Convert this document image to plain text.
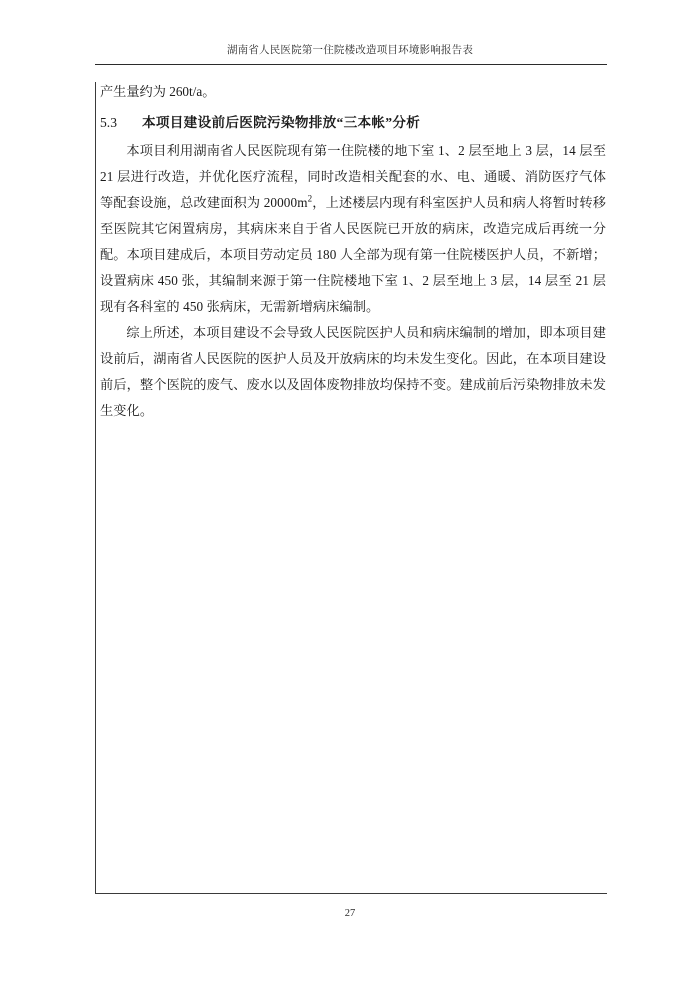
湖南省人民医院第一住院楼改造项目环境影响报告表

产生量约为 260t/a。

5.3	本项目建设前后医院污染物排放“三本帐”分析

本项目利用湖南省人民医院现有第一住院楼的地下室 1、2 层至地上 3 层，14 层至 21 层进行改造，并优化医疗流程，同时改造相关配套的水、电、通暖、消防医疗气体等配套设施，总改建面积为 $20000m^2$，上述楼层内现有科室医护人员和病人将暂时转移至医院其它闲置病房，其病床来自于省人民医院已开放的病床，改造完成后再统一分配。本项目建成后，本项目劳动定员 180 人全部为现有第一住院楼医护人员，不新增；设置病床 450 张，其编制来源于第一住院楼地下室 1、2 层至地上 3 层，14 层至 21 层现有各科室的 450 张病床，无需新增病床编制。

综上所述，本项目建设不会导致人民医院医护人员和病床编制的增加，即本项目建设前后，湖南省人民医院的医护人员及开放病床的均未发生变化。因此，在本项目建设前后，整个医院的废气、废水以及固体废物排放均保持不变。建成前后污染物排放未发生变化。

27
